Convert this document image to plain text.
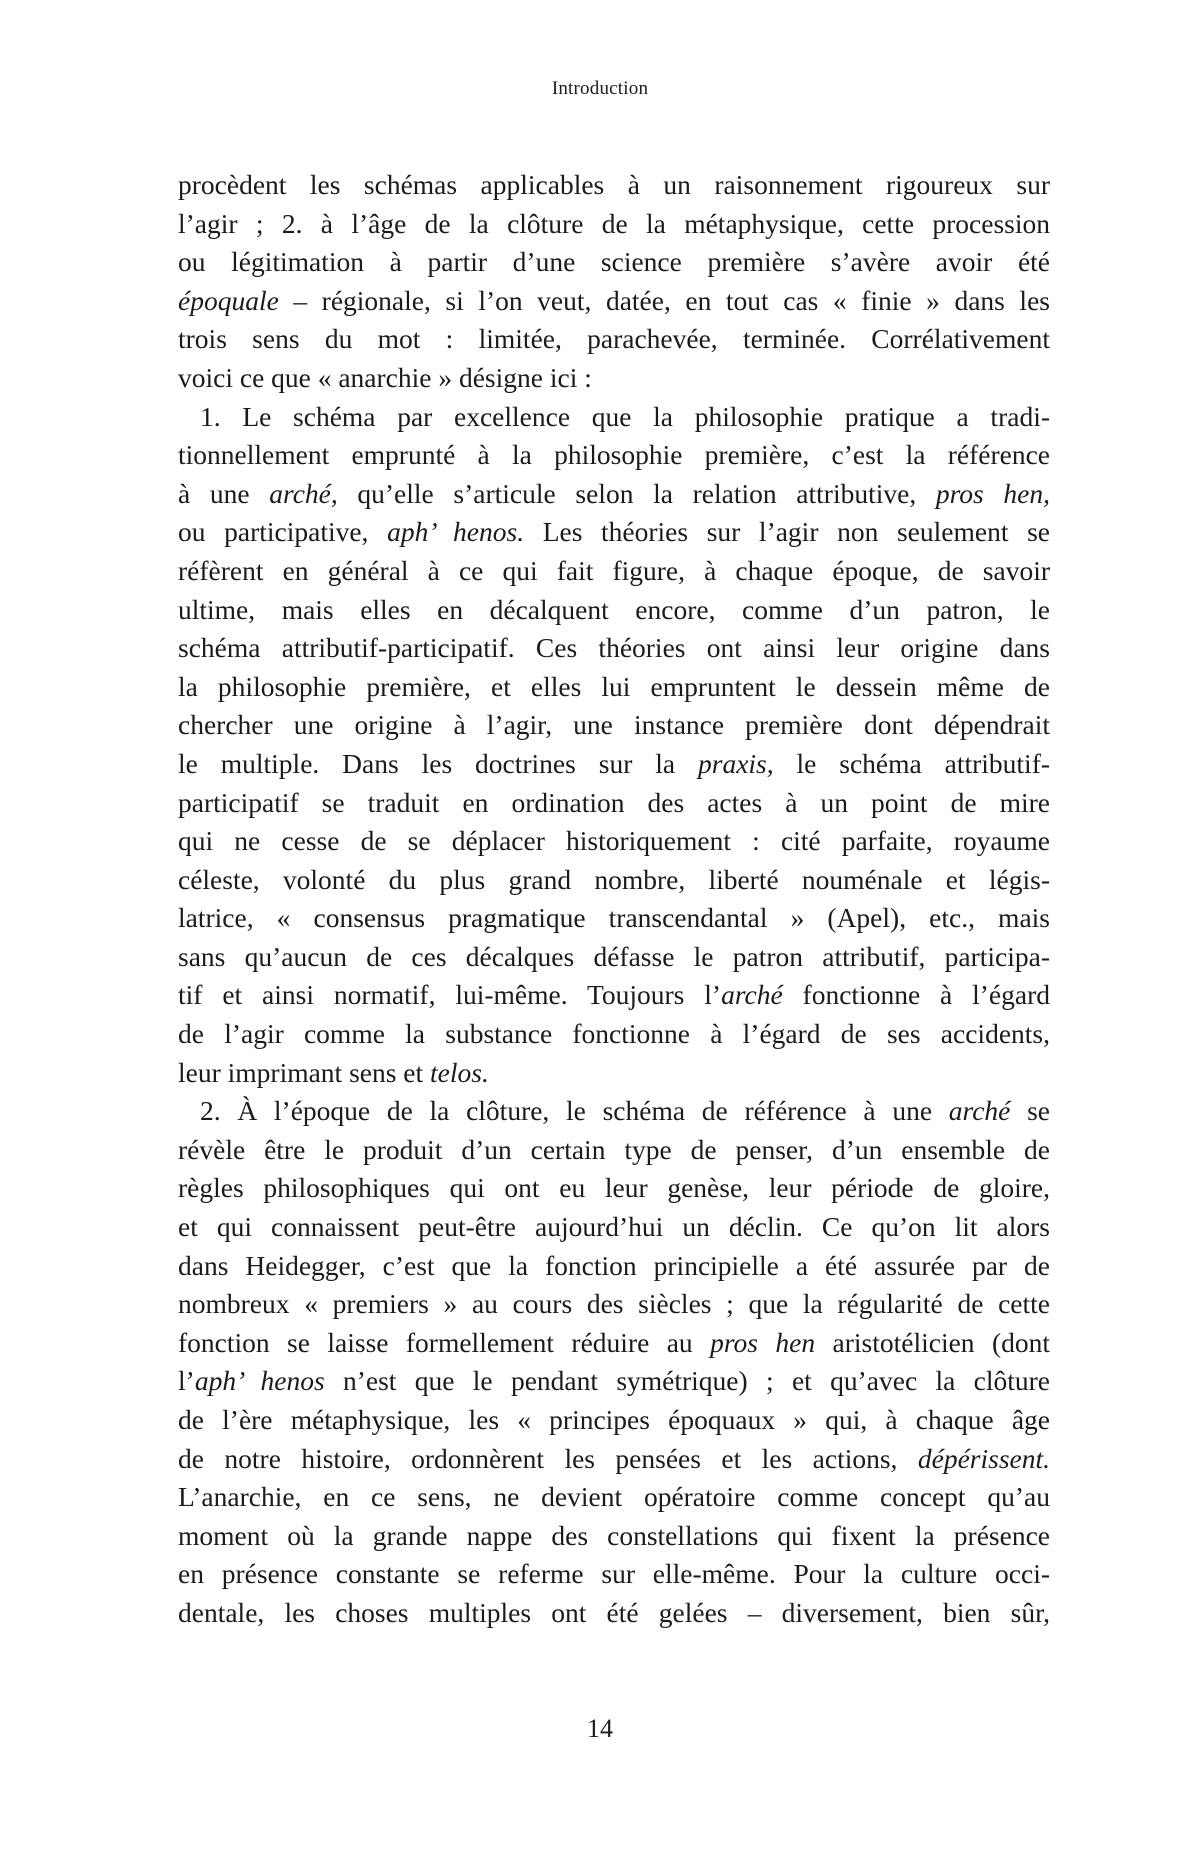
Introduction
procèdent les schémas applicables à un raisonnement rigoureux sur
l’agir ; 2. à l’âge de la clôture de la métaphysique, cette procession
ou légitimation à partir d’une science première s’avère avoir été
époquale – régionale, si l’on veut, datée, en tout cas « finie » dans les
trois sens du mot : limitée, parachevée, terminée. Corrélativement
voici ce que « anarchie » désigne ici :
1. Le schéma par excellence que la philosophie pratique a tradi-
tionnellement emprunté à la philosophie première, c’est la référence
à une arché, qu’elle s’articule selon la relation attributive, pros hen,
ou participative, aph’ henos. Les théories sur l’agir non seulement se
réfèrent en général à ce qui fait figure, à chaque époque, de savoir
ultime, mais elles en décalquent encore, comme d’un patron, le
schéma attributif-participatif. Ces théories ont ainsi leur origine dans
la philosophie première, et elles lui empruntent le dessein même de
chercher une origine à l’agir, une instance première dont dépendrait
le multiple. Dans les doctrines sur la praxis, le schéma attributif-
participatif se traduit en ordination des actes à un point de mire
qui ne cesse de se déplacer historiquement : cité parfaite, royaume
céleste, volonté du plus grand nombre, liberté nouménale et légis-
latrice, « consensus pragmatique transcendantal » (Apel), etc., mais
sans qu’aucun de ces décalques défasse le patron attributif, participa-
tif et ainsi normatif, lui-même. Toujours l’arché fonctionne à l’égard
de l’agir comme la substance fonctionne à l’égard de ses accidents,
leur imprimant sens et telos.
2. À l’époque de la clôture, le schéma de référence à une arché se
révèle être le produit d’un certain type de penser, d’un ensemble de
règles philosophiques qui ont eu leur genèse, leur période de gloire,
et qui connaissent peut-être aujourd’hui un déclin. Ce qu’on lit alors
dans Heidegger, c’est que la fonction principielle a été assurée par de
nombreux « premiers » au cours des siècles ; que la régularité de cette
fonction se laisse formellement réduire au pros hen aristotélicien (dont
l’aph’ henos n’est que le pendant symétrique) ; et qu’avec la clôture
de l’ère métaphysique, les « principes époquaux » qui, à chaque âge
de notre histoire, ordonnèrent les pensées et les actions, dépérissent.
L’anarchie, en ce sens, ne devient opératoire comme concept qu’au
moment où la grande nappe des constellations qui fixent la présence
en présence constante se referme sur elle-même. Pour la culture occi-
dentale, les choses multiples ont été gelées – diversement, bien sûr,
14
